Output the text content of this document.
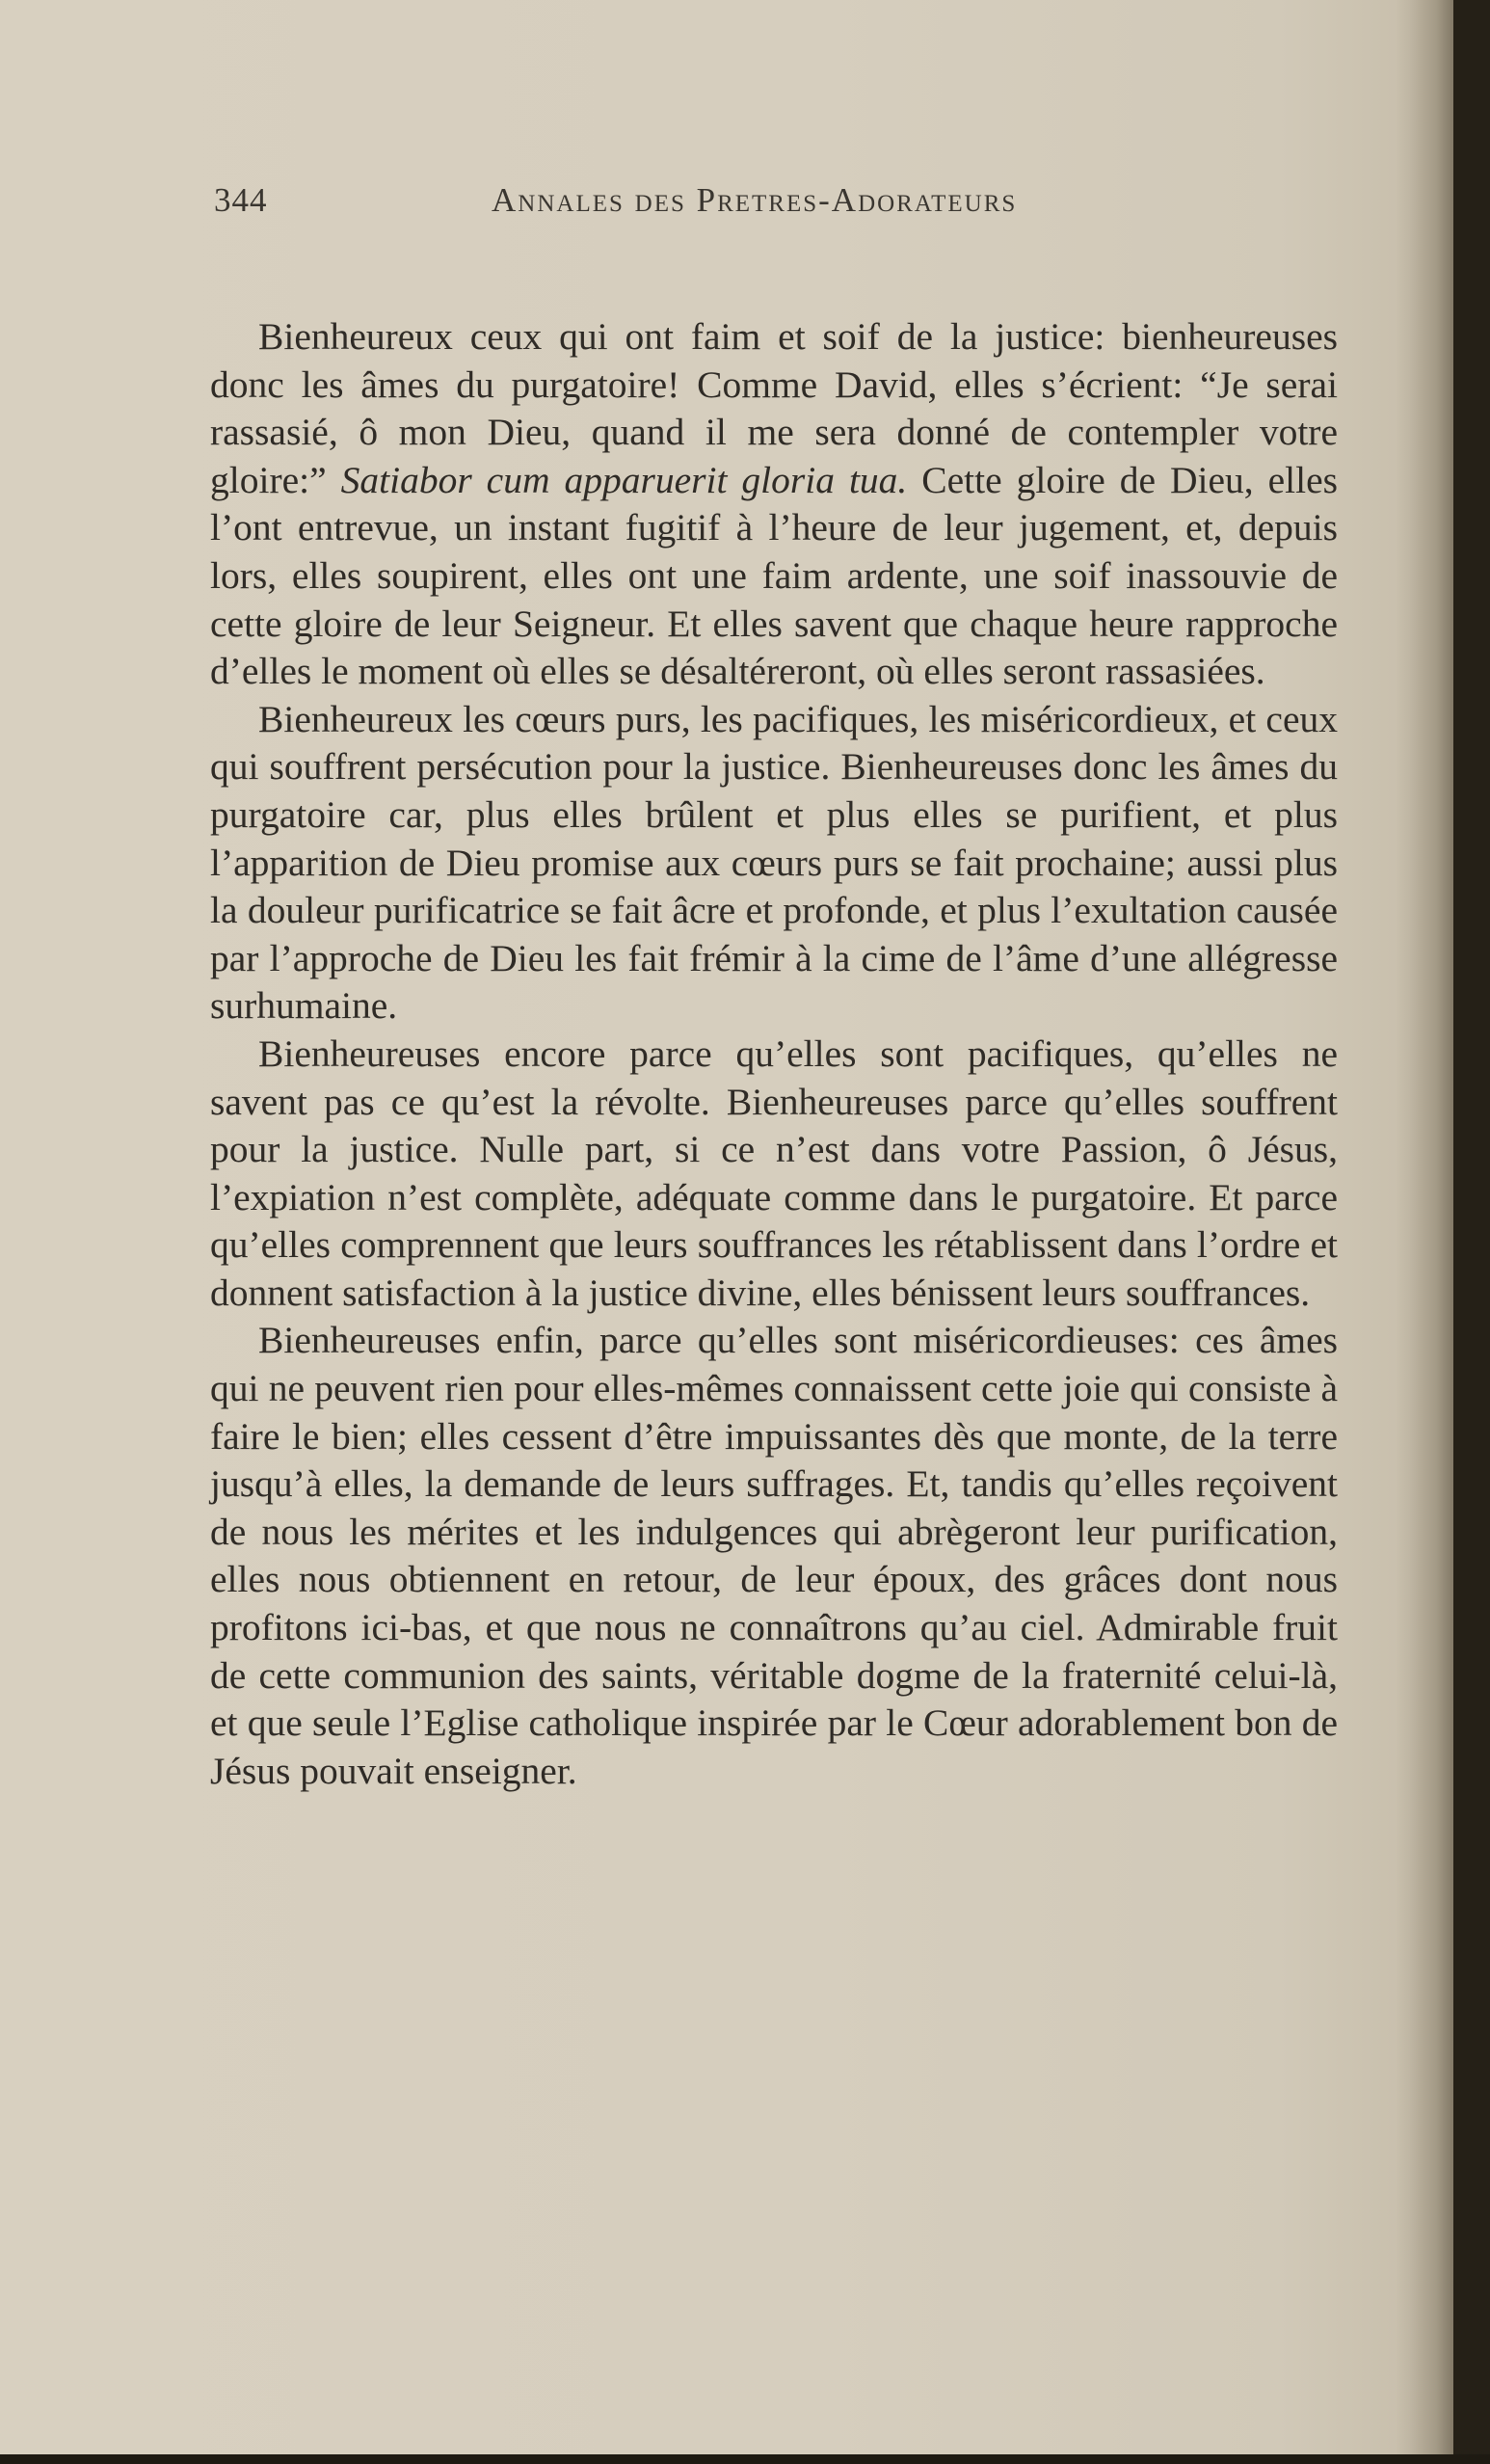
344	Annales des Pretres-Adorateurs

Bienheureux ceux qui ont faim et soif de la justice: bienheureuses donc les âmes du purgatoire! Comme David, elles s’écrient: “Je serai rassasié, ô mon Dieu, quand il me sera donné de contempler votre gloire:” Satiabor cum apparuerit gloria tua. Cette gloire de Dieu, elles l’ont entrevue, un instant fugitif à l’heure de leur jugement, et, depuis lors, elles soupirent, elles ont une faim ardente, une soif inassouvie de cette gloire de leur Seigneur. Et elles savent que chaque heure rapproche d’elles le moment où elles se désaltéreront, où elles seront rassasiées.

Bienheureux les cœurs purs, les pacifiques, les miséricordieux, et ceux qui souffrent persécution pour la justice. Bienheureuses donc les âmes du purgatoire car, plus elles brûlent et plus elles se purifient, et plus l’apparition de Dieu promise aux cœurs purs se fait prochaine; aussi plus la douleur purificatrice se fait âcre et profonde, et plus l’exultation causée par l’approche de Dieu les fait frémir à la cime de l’âme d’une allégresse surhumaine.

Bienheureuses encore parce qu’elles sont pacifiques, qu’elles ne savent pas ce qu’est la révolte. Bienheureuses parce qu’elles souffrent pour la justice. Nulle part, si ce n’est dans votre Passion, ô Jésus, l’expiation n’est complète, adéquate comme dans le purgatoire. Et parce qu’elles comprennent que leurs souffrances les rétablissent dans l’ordre et donnent satisfaction à la justice divine, elles bénissent leurs souffrances.

Bienheureuses enfin, parce qu’elles sont miséricordieuses: ces âmes qui ne peuvent rien pour elles-mêmes connaissent cette joie qui consiste à faire le bien; elles cessent d’être impuissantes dès que monte, de la terre jusqu’à elles, la demande de leurs suffrages. Et, tandis qu’elles reçoivent de nous les mérites et les indulgences qui abrègeront leur purification, elles nous obtiennent en retour, de leur époux, des grâces dont nous profitons ici-bas, et que nous ne connaîtrons qu’au ciel. Admirable fruit de cette communion des saints, véritable dogme de la fraternité celui-là, et que seule l’Eglise catholique inspirée par le Cœur adorablement bon de Jésus pouvait enseigner.
